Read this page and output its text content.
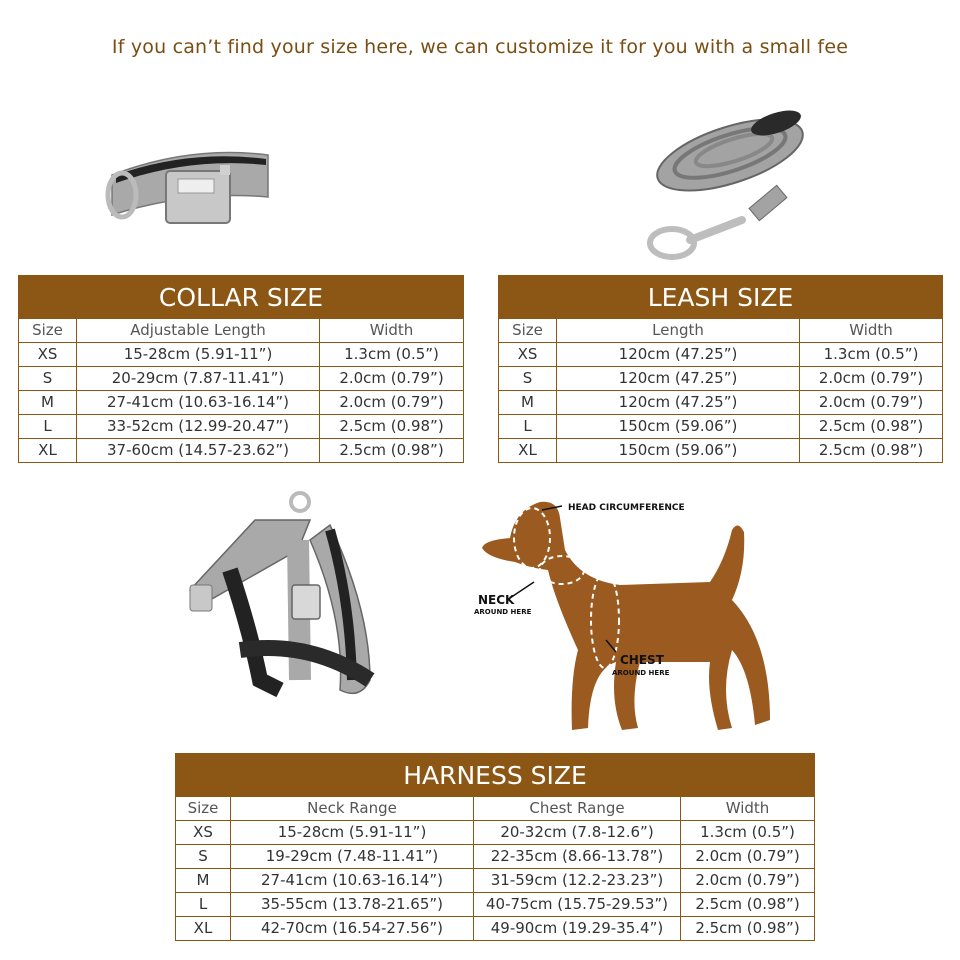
If you can’t find your size here, we can customize it for you with a small fee
COLLAR SIZE		
Size	Adjustable Length	Width
XS	15-28cm (5.91-11”)	1.3cm (0.5”)
S	20-29cm (7.87-11.41”)	2.0cm (0.79”)
M	27-41cm (10.63-16.14”)	2.0cm (0.79”)
L	33-52cm (12.99-20.47”)	2.5cm (0.98”)
XL	37-60cm (14.57-23.62”)	2.5cm (0.98”)
LEASH SIZE		
Size	Length	Width
XS	120cm (47.25”)	1.3cm (0.5”)
S	120cm (47.25”)	2.0cm (0.79”)
M	120cm (47.25”)	2.0cm (0.79”)
L	150cm (59.06”)	2.5cm (0.98”)
XL	150cm (59.06”)	2.5cm (0.98”)
HEAD CIRCUMFERENCE
NECK
AROUND HERE
CHEST
AROUND HERE
HARNESS SIZE			
Size	Neck Range	Chest Range	Width
XS	15-28cm (5.91-11”)	20-32cm (7.8-12.6”)	1.3cm (0.5”)
S	19-29cm (7.48-11.41”)	22-35cm (8.66-13.78”)	2.0cm (0.79”)
M	27-41cm (10.63-16.14”)	31-59cm (12.2-23.23”)	2.0cm (0.79”)
L	35-55cm (13.78-21.65”)	40-75cm (15.75-29.53”)	2.5cm (0.98”)
XL	42-70cm (16.54-27.56”)	49-90cm (19.29-35.4”)	2.5cm (0.98”)
